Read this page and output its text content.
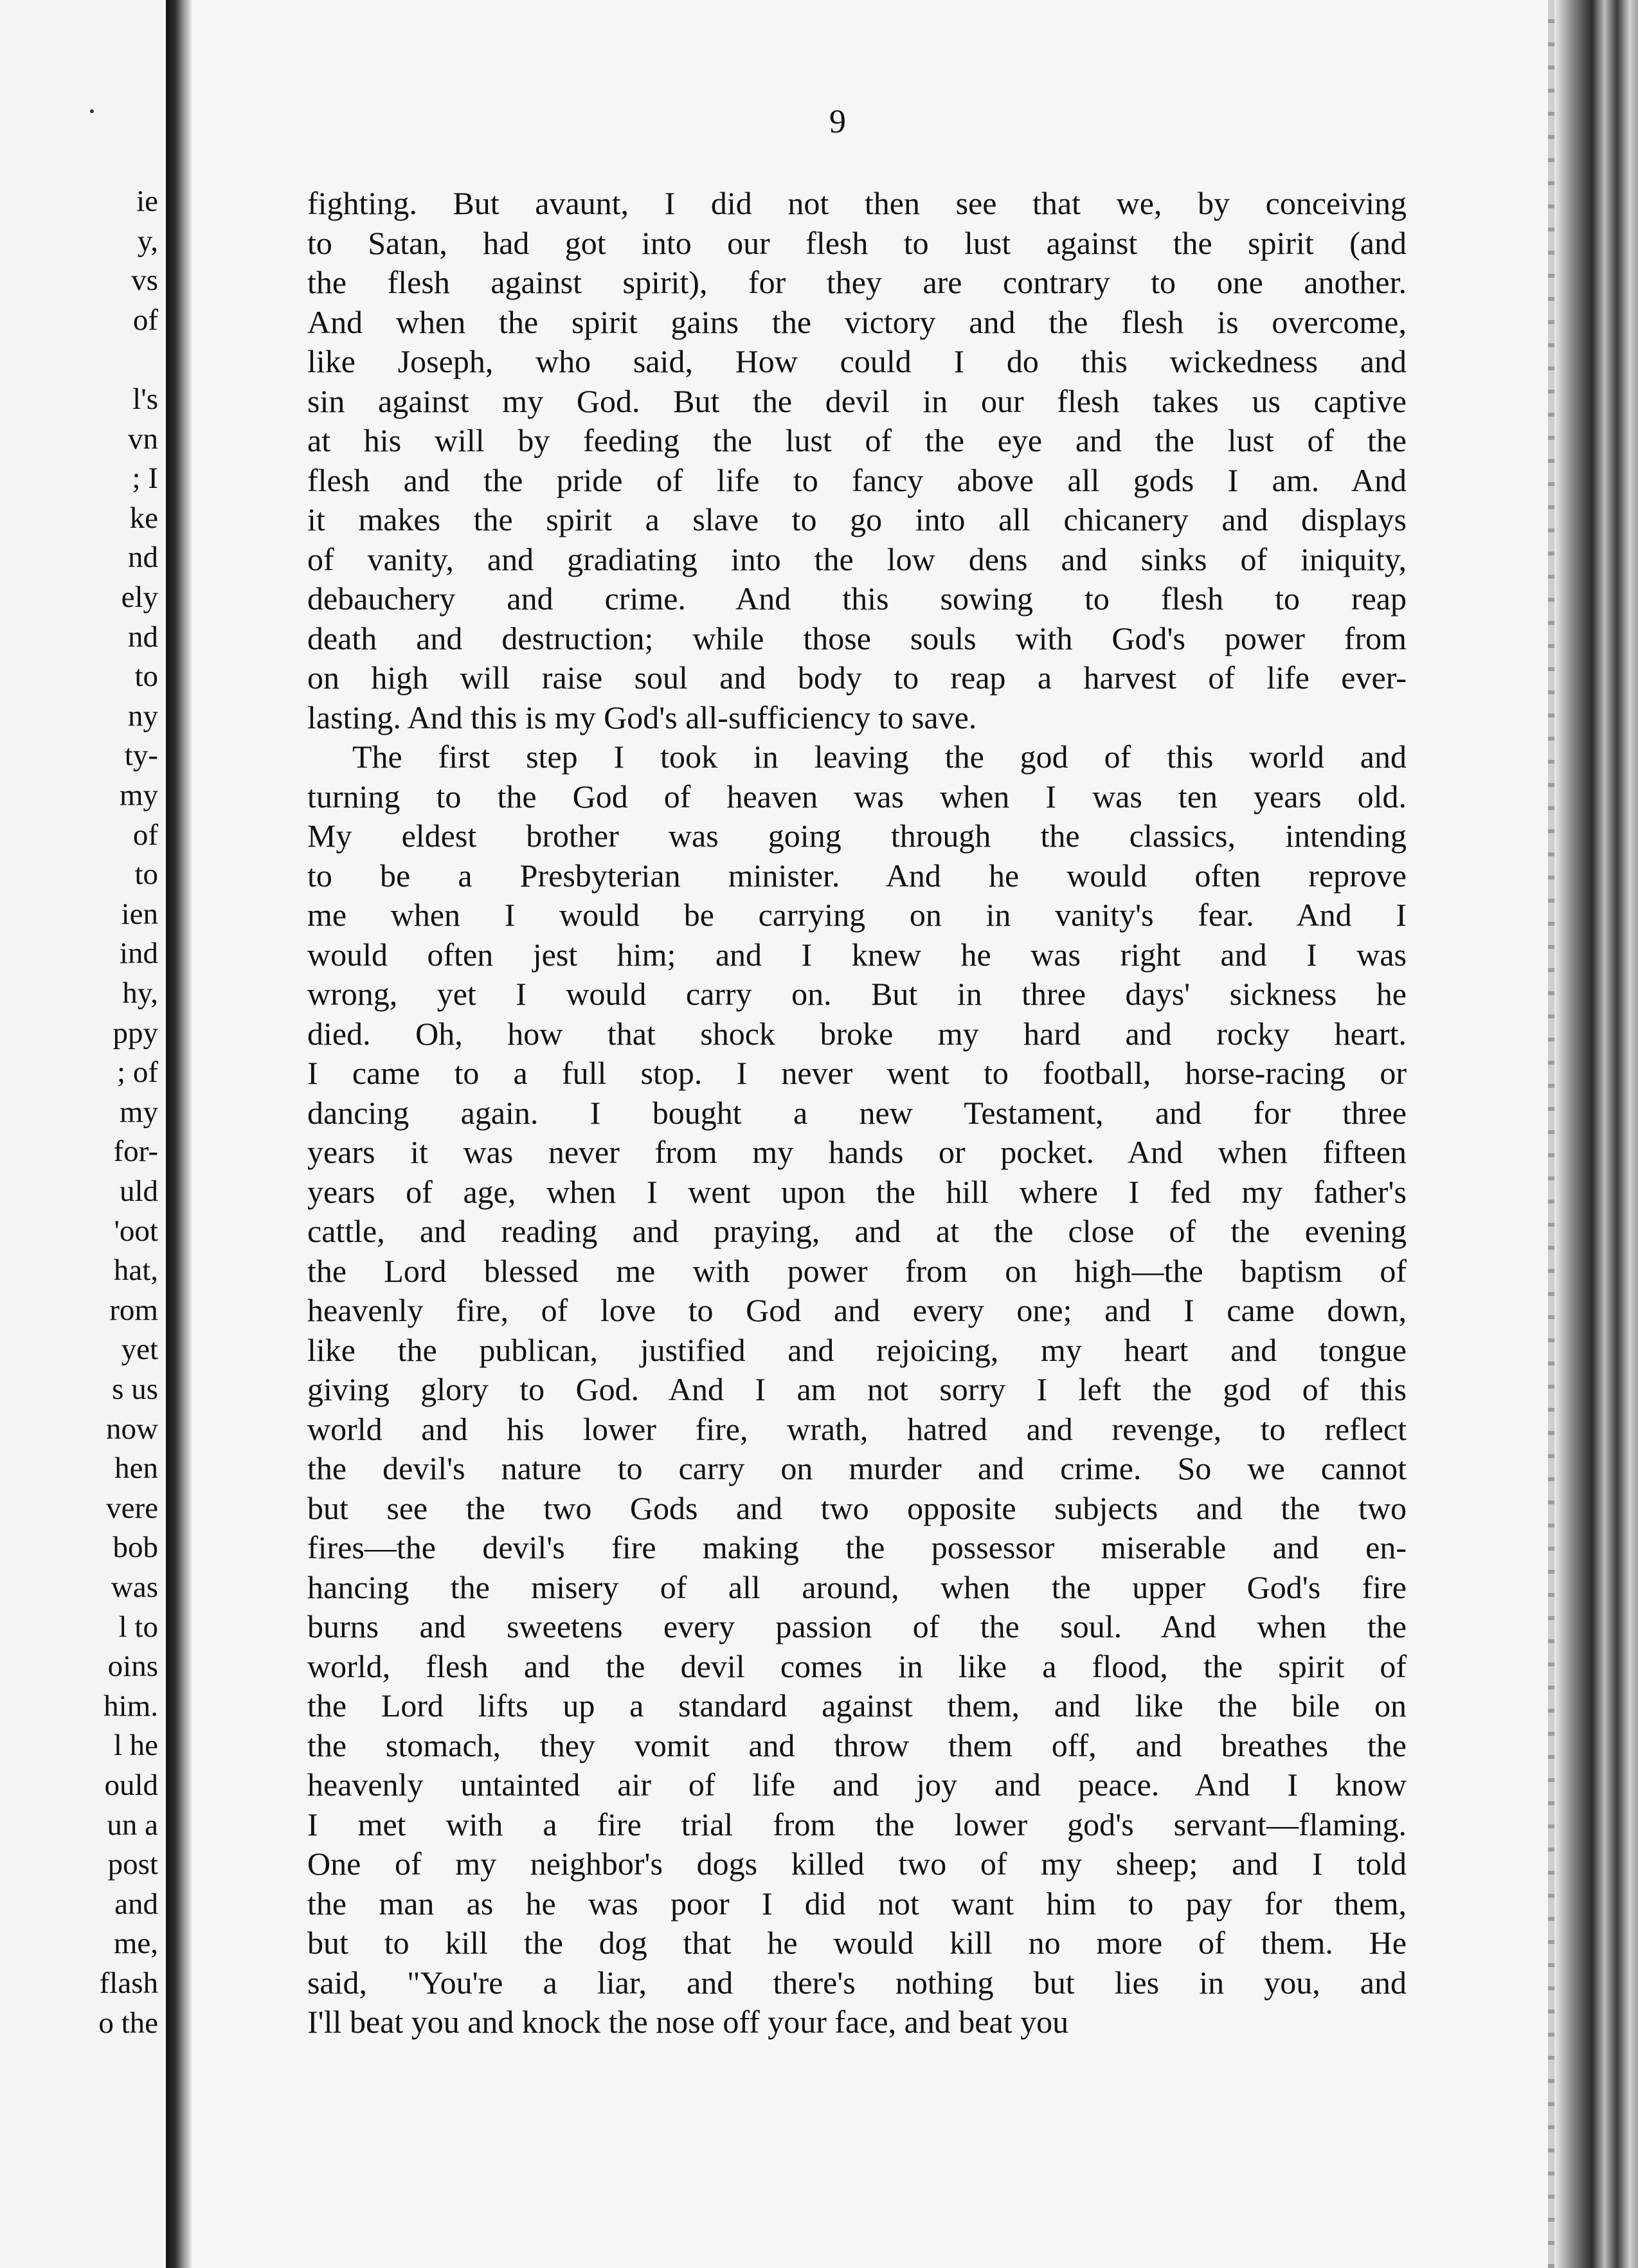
ie
y,
vs
of
l's
vn
; I
ke
nd
ely
nd
to
ny
ty-
my
of
to
ien
ind
hy,
ppy
; of
my
for-
uld
'oot
hat,
rom
yet
s us
now
hen
vere
bob
was
l to
oins
him.
l he
ould
un a
post
and
me,
flash
o the
9
fighting. But avaunt, I did not then see that we, by conceiving
to Satan, had got into our flesh to lust against the spirit (and
the flesh against spirit), for they are contrary to one another.
And when the spirit gains the victory and the flesh is overcome,
like Joseph, who said, How could I do this wickedness and
sin against my God. But the devil in our flesh takes us captive
at his will by feeding the lust of the eye and the lust of the
flesh and the pride of life to fancy above all gods I am. And
it makes the spirit a slave to go into all chicanery and displays
of vanity, and gradiating into the low dens and sinks of iniquity,
debauchery and crime. And this sowing to flesh to reap
death and destruction; while those souls with God's power from
on high will raise soul and body to reap a harvest of life ever-
lasting. And this is my God's all-sufficiency to save.
The first step I took in leaving the god of this world and
turning to the God of heaven was when I was ten years old.
My eldest brother was going through the classics, intending
to be a Presbyterian minister. And he would often reprove
me when I would be carrying on in vanity's fear. And I
would often jest him; and I knew he was right and I was
wrong, yet I would carry on. But in three days' sickness he
died. Oh, how that shock broke my hard and rocky heart.
I came to a full stop. I never went to football, horse-racing or
dancing again. I bought a new Testament, and for three
years it was never from my hands or pocket. And when fifteen
years of age, when I went upon the hill where I fed my father's
cattle, and reading and praying, and at the close of the evening
the Lord blessed me with power from on high—the baptism of
heavenly fire, of love to God and every one; and I came down,
like the publican, justified and rejoicing, my heart and tongue
giving glory to God. And I am not sorry I left the god of this
world and his lower fire, wrath, hatred and revenge, to reflect
the devil's nature to carry on murder and crime. So we cannot
but see the two Gods and two opposite subjects and the two
fires—the devil's fire making the possessor miserable and en-
hancing the misery of all around, when the upper God's fire
burns and sweetens every passion of the soul. And when the
world, flesh and the devil comes in like a flood, the spirit of
the Lord lifts up a standard against them, and like the bile on
the stomach, they vomit and throw them off, and breathes the
heavenly untainted air of life and joy and peace. And I know
I met with a fire trial from the lower god's servant—flaming.
One of my neighbor's dogs killed two of my sheep; and I told
the man as he was poor I did not want him to pay for them,
but to kill the dog that he would kill no more of them. He
said, "You're a liar, and there's nothing but lies in you, and
I'll beat you and knock the nose off your face, and beat you
